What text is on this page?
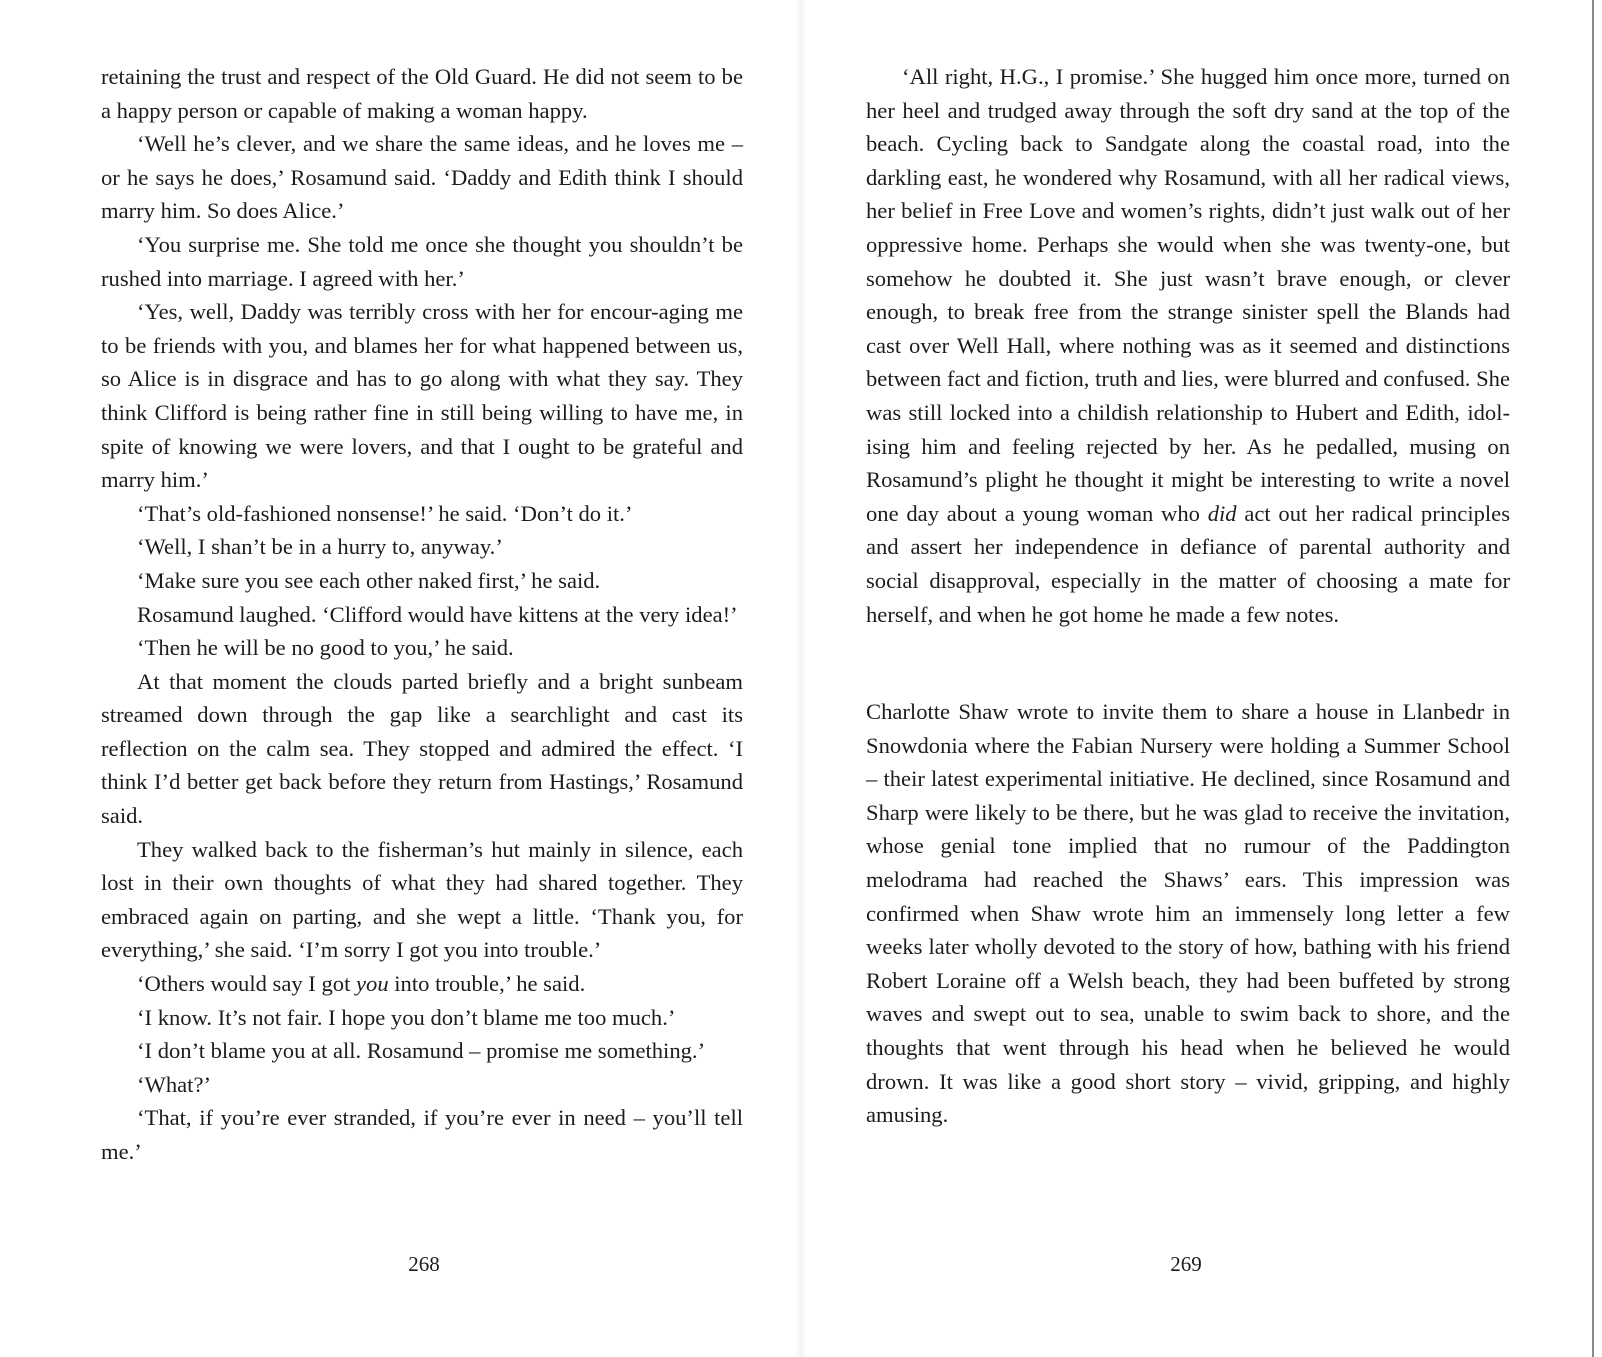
retaining the trust and respect of the Old Guard. He did not seem to be a happy person or capable of making a woman happy.

‘Well he’s clever, and we share the same ideas, and he loves me – or he says he does,’ Rosamund said. ‘Daddy and Edith think I should marry him. So does Alice.’

‘You surprise me. She told me once she thought you shouldn’t be rushed into marriage. I agreed with her.’

‘Yes, well, Daddy was terribly cross with her for encour-aging me to be friends with you, and blames her for what happened between us, so Alice is in disgrace and has to go along with what they say. They think Clifford is being rather fine in still being willing to have me, in spite of knowing we were lovers, and that I ought to be grateful and marry him.’

‘That’s old-fashioned nonsense!’ he said. ‘Don’t do it.’

‘Well, I shan’t be in a hurry to, anyway.’

‘Make sure you see each other naked first,’ he said.

Rosamund laughed. ‘Clifford would have kittens at the very idea!’

‘Then he will be no good to you,’ he said.

At that moment the clouds parted briefly and a bright sunbeam streamed down through the gap like a searchlight and cast its reflection on the calm sea. They stopped and admired the effect. ‘I think I’d better get back before they return from Hastings,’ Rosamund said.

They walked back to the fisherman’s hut mainly in silence, each lost in their own thoughts of what they had shared together. They embraced again on parting, and she wept a little. ‘Thank you, for everything,’ she said. ‘I’m sorry I got you into trouble.’

‘Others would say I got you into trouble,’ he said.

‘I know. It’s not fair. I hope you don’t blame me too much.’

‘I don’t blame you at all. Rosamund – promise me something.’

‘What?’

‘That, if you’re ever stranded, if you’re ever in need – you’ll tell me.’

268

‘All right, H.G., I promise.’ She hugged him once more, turned on her heel and trudged away through the soft dry sand at the top of the beach. Cycling back to Sandgate along the coastal road, into the darkling east, he wondered why Rosamund, with all her radical views, her belief in Free Love and women’s rights, didn’t just walk out of her oppressive home. Perhaps she would when she was twenty-one, but somehow he doubted it. She just wasn’t brave enough, or clever enough, to break free from the strange sinister spell the Blands had cast over Well Hall, where nothing was as it seemed and distinctions between fact and fiction, truth and lies, were blurred and confused. She was still locked into a childish relationship to Hubert and Edith, idol-ising him and feeling rejected by her. As he pedalled, musing on Rosamund’s plight he thought it might be interesting to write a novel one day about a young woman who did act out her radical principles and assert her independence in defiance of parental authority and social disapproval, especially in the matter of choosing a mate for herself, and when he got home he made a few notes.

Charlotte Shaw wrote to invite them to share a house in Llanbedr in Snowdonia where the Fabian Nursery were holding a Summer School – their latest experimental initiative. He declined, since Rosamund and Sharp were likely to be there, but he was glad to receive the invitation, whose genial tone implied that no rumour of the Paddington melodrama had reached the Shaws’ ears. This impression was confirmed when Shaw wrote him an immensely long letter a few weeks later wholly devoted to the story of how, bathing with his friend Robert Loraine off a Welsh beach, they had been buffeted by strong waves and swept out to sea, unable to swim back to shore, and the thoughts that went through his head when he believed he would drown. It was like a good short story – vivid, gripping, and highly amusing.

269
